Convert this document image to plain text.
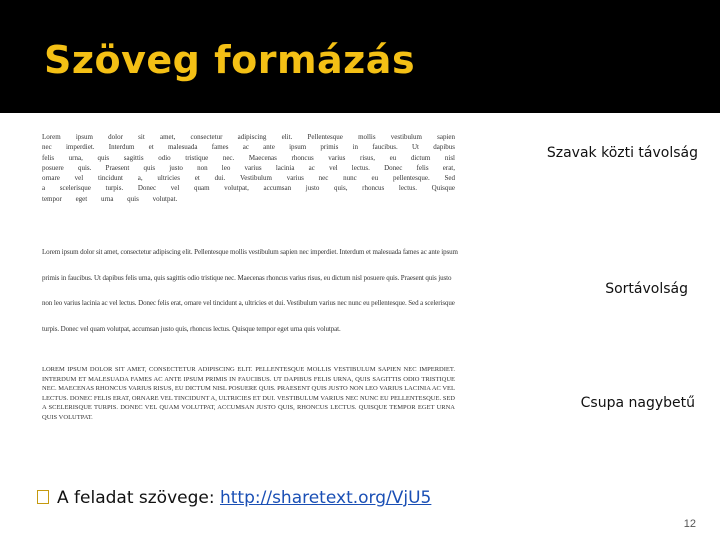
Szöveg formázás
Lorem ipsum dolor sit amet, consectetur adipiscing elit. Pellentesque mollis vestibulum sapien nec imperdiet. Interdum et malesuada fames ac ante ipsum primis in faucibus. Ut dapibus felis urna, quis sagittis odio tristique nec. Maecenas rhoncus varius risus, eu dictum nisl posuere quis. Praesent quis justo non leo varius lacinia ac vel lectus. Donec felis erat, ornare vel tincidunt a, ultricies et dui. Vestibulum varius nec nunc eu pellentesque. Sed a scelerisque turpis. Donec vel quam volutpat, accumsan justo quis, rhoncus lectus. Quisque tempor eget urna quis volutpat.
Lorem ipsum dolor sit amet, consectetur adipiscing elit. Pellentesque mollis vestibulum sapien nec imperdiet. Interdum et malesuada fames ac ante ipsum primis in faucibus. Ut dapibus felis urna, quis sagittis odio tristique nec. Maecenas rhoncus varius risus, eu dictum nisl posuere quis. Praesent quis justo non leo varius lacinia ac vel lectus. Donec felis erat, ornare vel tincidunt a, ultricies et dui. Vestibulum varius nec nunc eu pellentesque. Sed a scelerisque turpis. Donec vel quam volutpat, accumsan justo quis, rhoncus lectus. Quisque tempor eget urna quis volutpat.
LOREM IPSUM DOLOR SIT AMET, CONSECTETUR ADIPISCING ELIT. PELLENTESQUE MOLLIS VESTIBULUM SAPIEN NEC IMPERDIET. INTERDUM ET MALESUADA FAMES AC ANTE IPSUM PRIMIS IN FAUCIBUS. UT DAPIBUS FELIS URNA, QUIS SAGITTIS ODIO TRISTIQUE NEC. MAECENAS RHONCUS VARIUS RISUS, EU DICTUM NISL POSUERE QUIS. PRAESENT QUIS JUSTO NON LEO VARIUS LACINIA AC VEL LECTUS. DONEC FELIS ERAT, ORNARE VEL TINCIDUNT A, ULTRICIES ET DUI. VESTIBULUM VARIUS NEC NUNC EU PELLENTESQUE. SED A SCELERISQUE TURPIS. DONEC VEL QUAM VOLUTPAT, ACCUMSAN JUSTO QUIS, RHONCUS LECTUS. QUISQUE TEMPOR EGET URNA QUIS VOLUTPAT.

Szavak közti távolság

Sortávolság

Csupa nagybetű

A feladat szövege: http://sharetext.org/VjU5
12
